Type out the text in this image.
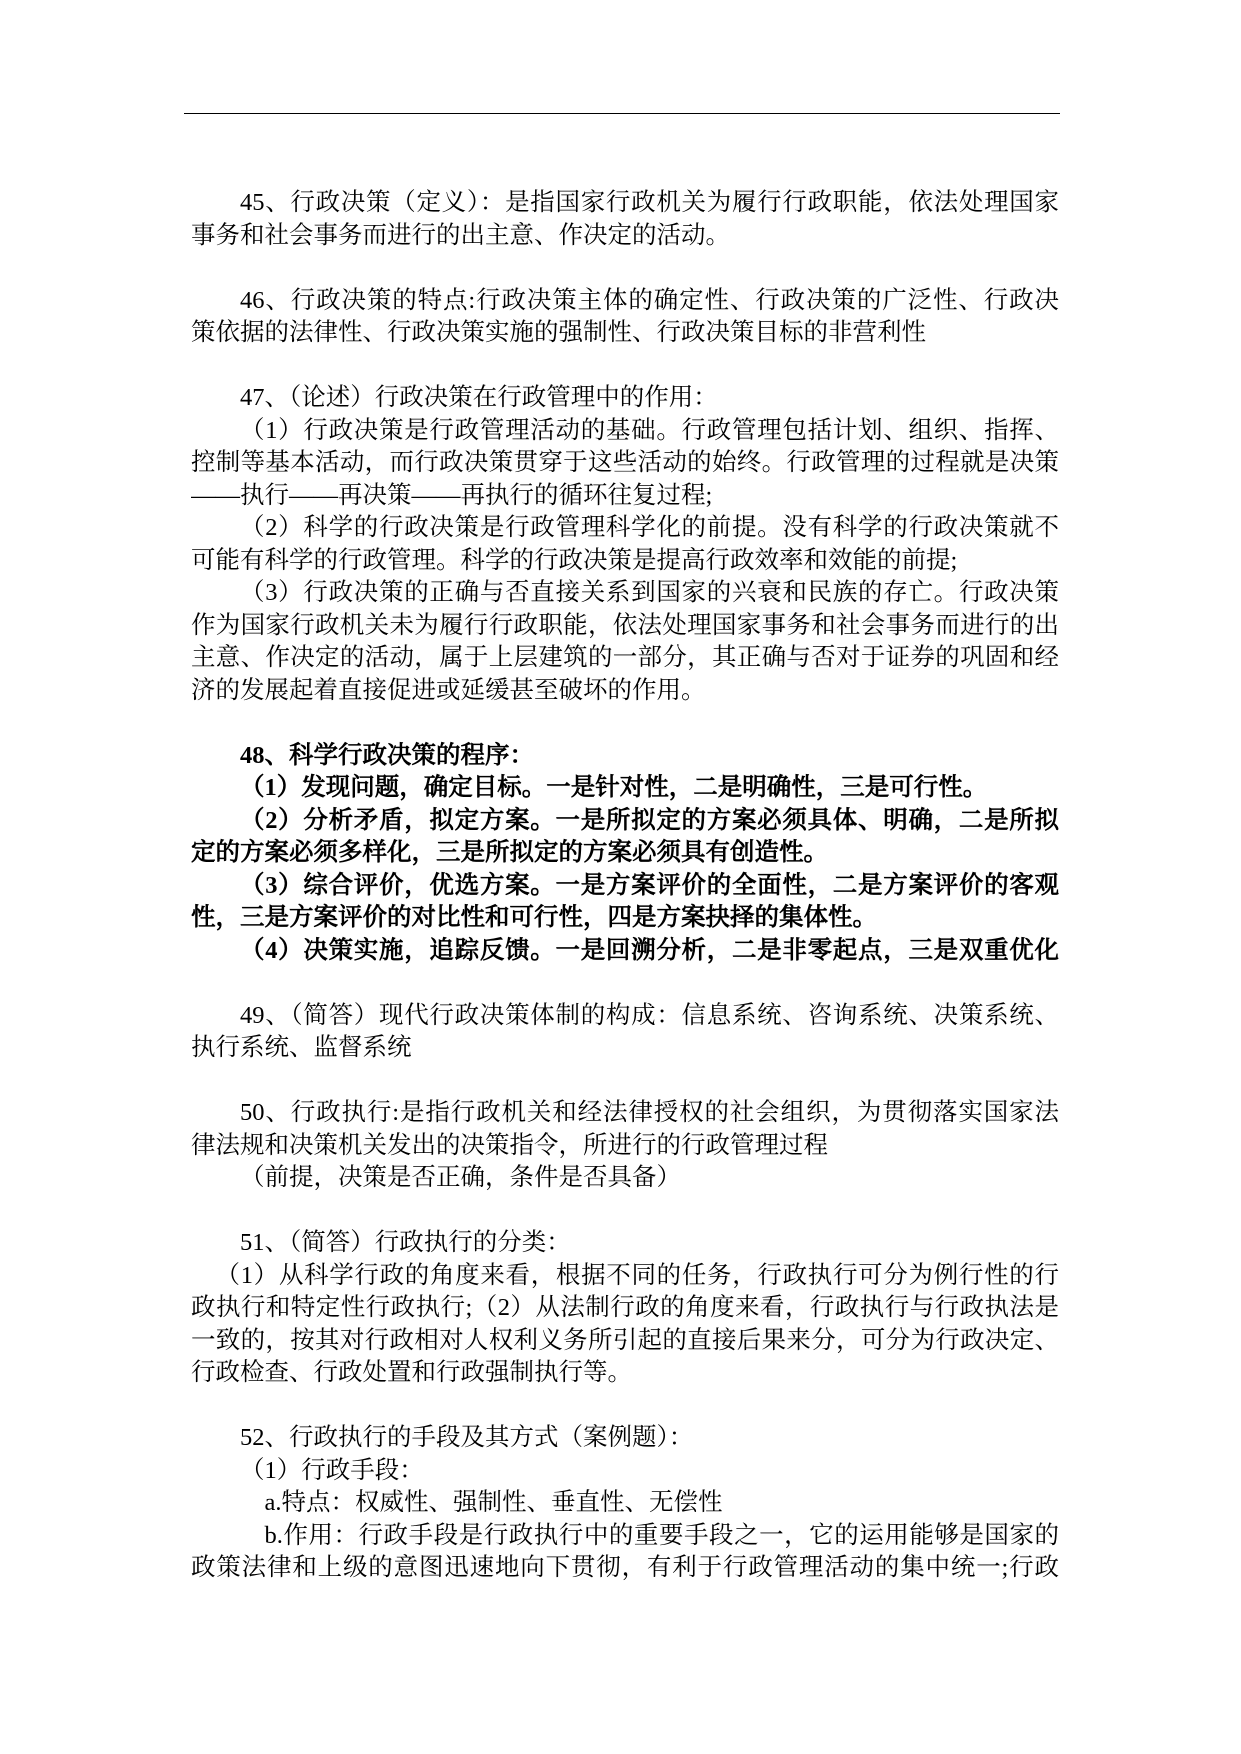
45、行政决策（定义）：是指国家行政机关为履行行政职能，依法处理国家
事务和社会事务而进行的出主意、作决定的活动。
46、行政决策的特点:行政决策主体的确定性、行政决策的广泛性、行政决
策依据的法律性、行政决策实施的强制性、行政决策目标的非营利性
47、（论述）行政决策在行政管理中的作用：
（1）行政决策是行政管理活动的基础。行政管理包括计划、组织、指挥、
控制等基本活动，而行政决策贯穿于这些活动的始终。行政管理的过程就是决策
——执行——再决策——再执行的循环往复过程;
（2）科学的行政决策是行政管理科学化的前提。没有科学的行政决策就不
可能有科学的行政管理。科学的行政决策是提高行政效率和效能的前提;
（3）行政决策的正确与否直接关系到国家的兴衰和民族的存亡。行政决策
作为国家行政机关未为履行行政职能，依法处理国家事务和社会事务而进行的出
主意、作决定的活动，属于上层建筑的一部分，其正确与否对于证券的巩固和经
济的发展起着直接促进或延缓甚至破坏的作用。
48、科学行政决策的程序：
（1）发现问题，确定目标。一是针对性，二是明确性，三是可行性。
（2）分析矛盾，拟定方案。一是所拟定的方案必须具体、明确，二是所拟
定的方案必须多样化，三是所拟定的方案必须具有创造性。
（3）综合评价，优选方案。一是方案评价的全面性，二是方案评价的客观
性，三是方案评价的对比性和可行性，四是方案抉择的集体性。
（4）决策实施，追踪反馈。一是回溯分析，二是非零起点，三是双重优化
49、（简答）现代行政决策体制的构成：信息系统、咨询系统、决策系统、
执行系统、监督系统
50、行政执行:是指行政机关和经法律授权的社会组织，为贯彻落实国家法
律法规和决策机关发出的决策指令，所进行的行政管理过程
（前提，决策是否正确，条件是否具备）
51、（简答）行政执行的分类：
（1）从科学行政的角度来看，根据不同的任务，行政执行可分为例行性的行
政执行和特定性行政执行;（2）从法制行政的角度来看，行政执行与行政执法是
一致的，按其对行政相对人权利义务所引起的直接后果来分，可分为行政决定、
行政检查、行政处置和行政强制执行等。
52、行政执行的手段及其方式（案例题）：
（1）行政手段：
a.特点：权威性、强制性、垂直性、无偿性
b.作用：行政手段是行政执行中的重要手段之一，它的运用能够是国家的
政策法律和上级的意图迅速地向下贯彻，有利于行政管理活动的集中统一;行政
